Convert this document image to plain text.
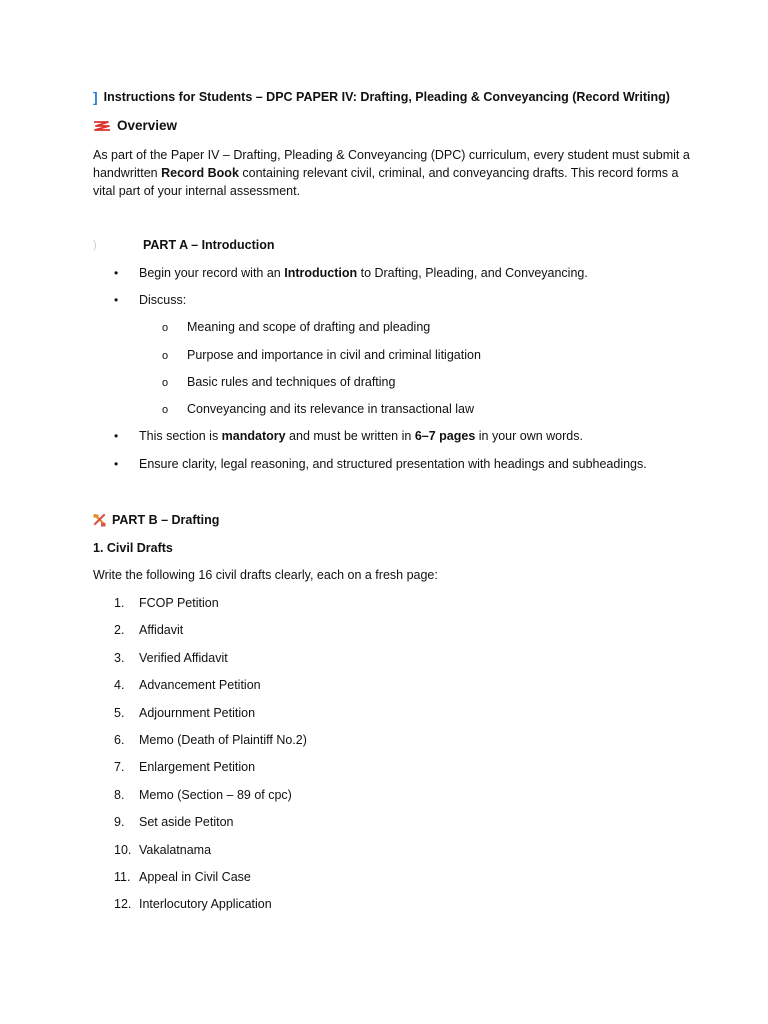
] Instructions for Students – DPC PAPER IV: Drafting, Pleading & Conveyancing (Record Writing)
Overview
As part of the Paper IV – Drafting, Pleading & Conveyancing (DPC) curriculum, every student must submit a handwritten Record Book containing relevant civil, criminal, and conveyancing drafts. This record forms a vital part of your internal assessment.
)	PART A – Introduction
•	Begin your record with an Introduction to Drafting, Pleading, and Conveyancing.
•	Discuss:
o	Meaning and scope of drafting and pleading
o	Purpose and importance in civil and criminal litigation
o	Basic rules and techniques of drafting
o	Conveyancing and its relevance in transactional law
•	This section is mandatory and must be written in 6–7 pages in your own words.
•	Ensure clarity, legal reasoning, and structured presentation with headings and subheadings.
PART B – Drafting
1. Civil Drafts
Write the following 16 civil drafts clearly, each on a fresh page:
1.	FCOP Petition
2.	Affidavit
3.	Verified Affidavit
4.	Advancement Petition
5.	Adjournment Petition
6.	Memo (Death of Plaintiff No.2)
7.	Enlargement Petition
8.	Memo (Section – 89 of cpc)
9.	Set aside Petiton
10. Vakalatnama
11. Appeal in Civil Case
12. Interlocutory Application
